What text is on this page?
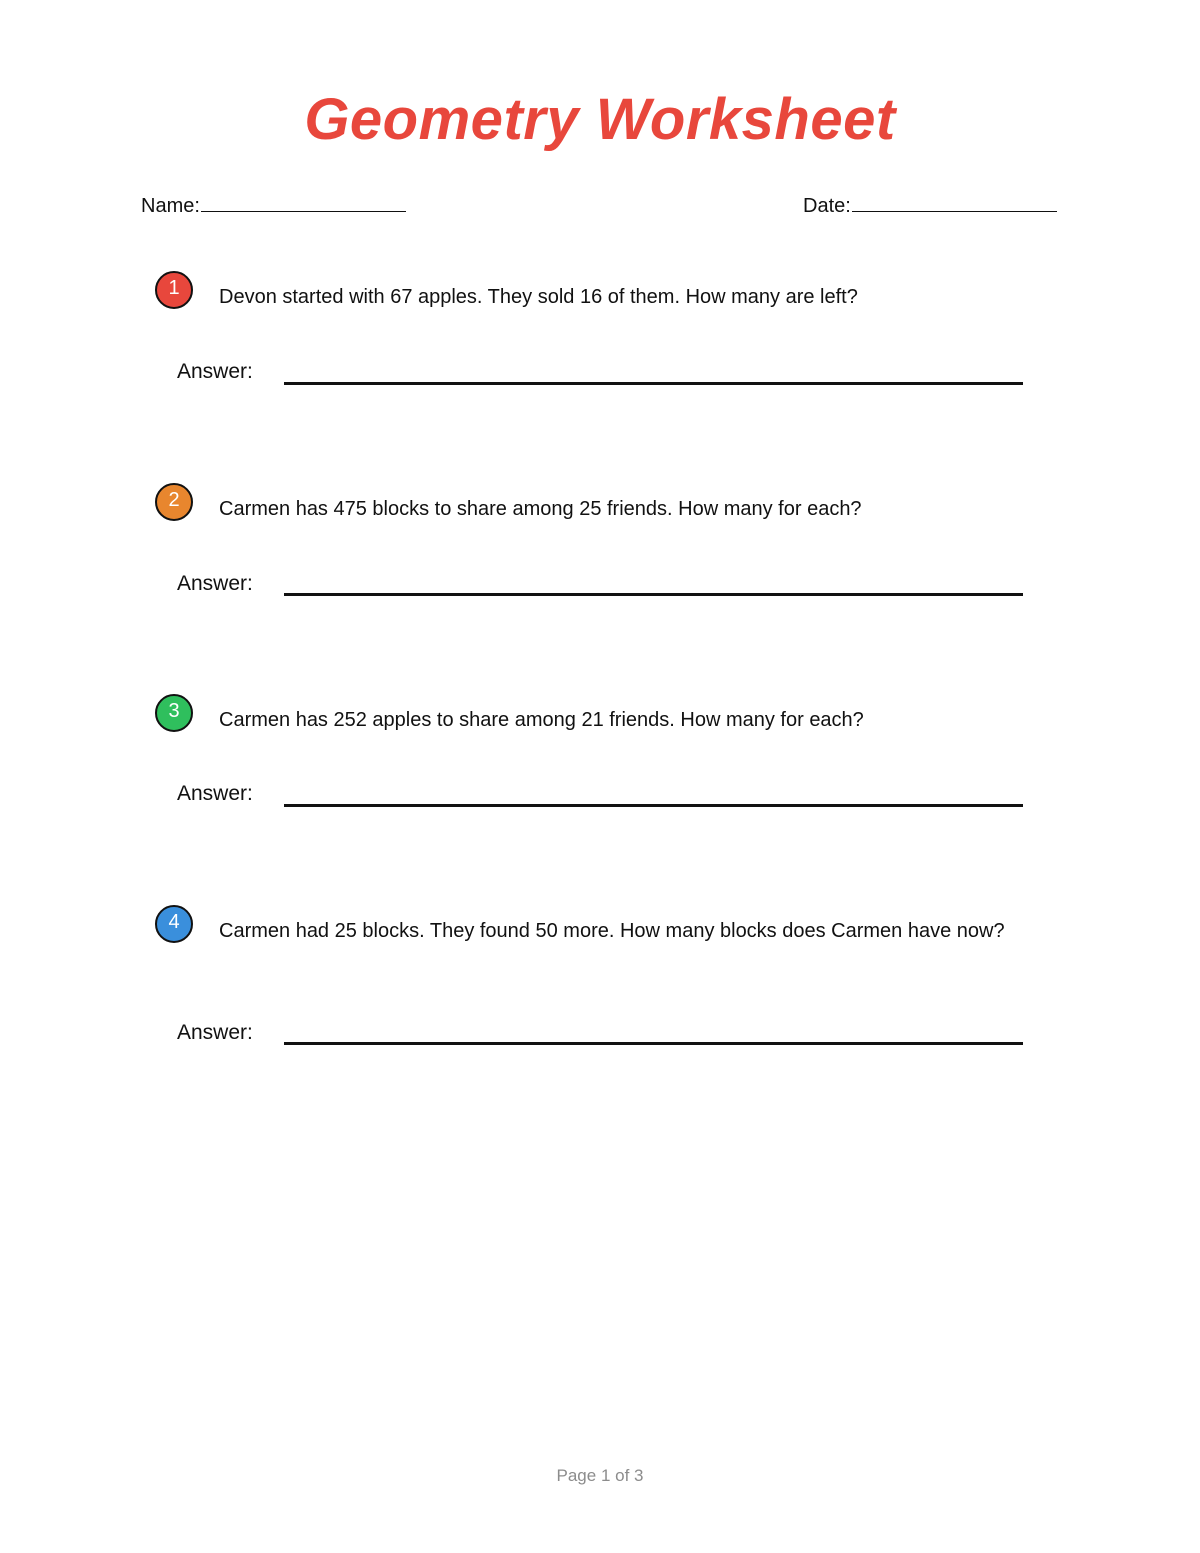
Geometry Worksheet
Name:	Date:
1	Devon started with 67 apples. They sold 16 of them. How many are left?
Answer:
2	Carmen has 475 blocks to share among 25 friends. How many for each?
Answer:
3	Carmen has 252 apples to share among 21 friends. How many for each?
Answer:
4	Carmen had 25 blocks. They found 50 more. How many blocks does Carmen have now?
Answer:
Page 1 of 3
